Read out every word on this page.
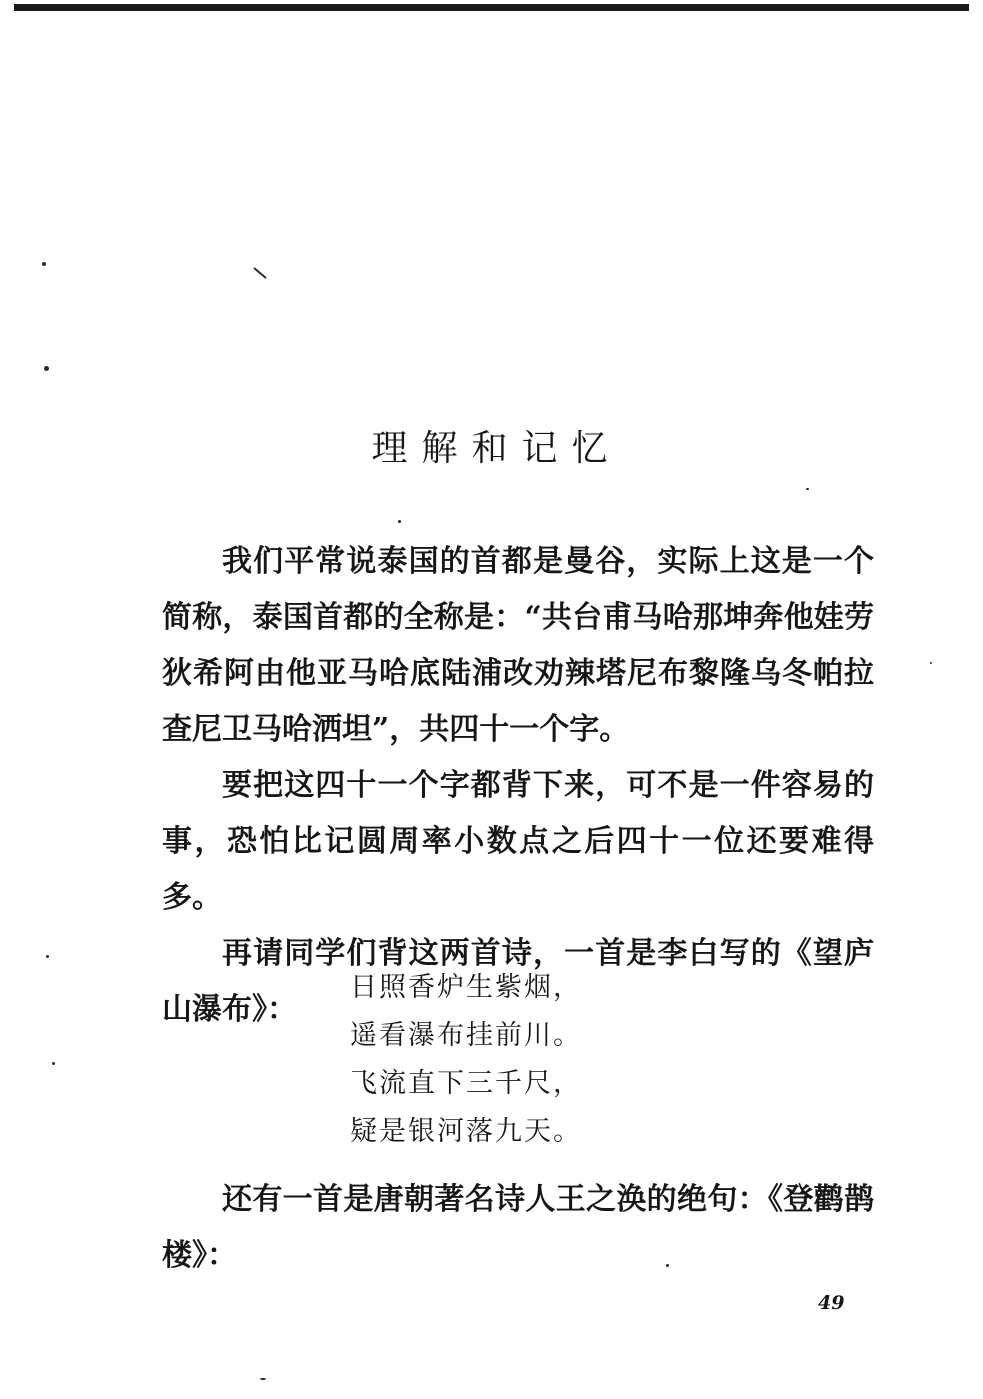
理解和记忆

我们平常说泰国的首都是曼谷，实际上这是一个简称，泰国首都的全称是：“共台甫马哈那坤奔他娃劳狄希阿由他亚马哈底陆浦改劝辣塔尼布黎隆乌冬帕拉查尼卫马哈洒坦”，共四十一个字。

要把这四十一个字都背下来，可不是一件容易的事，恐怕比记圆周率小数点之后四十一位还要难得多。

再请同学们背这两首诗，一首是李白写的《望庐山瀑布》：

日照香炉生紫烟，
遥看瀑布挂前川。
飞流直下三千尺，
疑是银河落九天。

还有一首是唐朝著名诗人王之涣的绝句：《登鹳鹊楼》：

49
